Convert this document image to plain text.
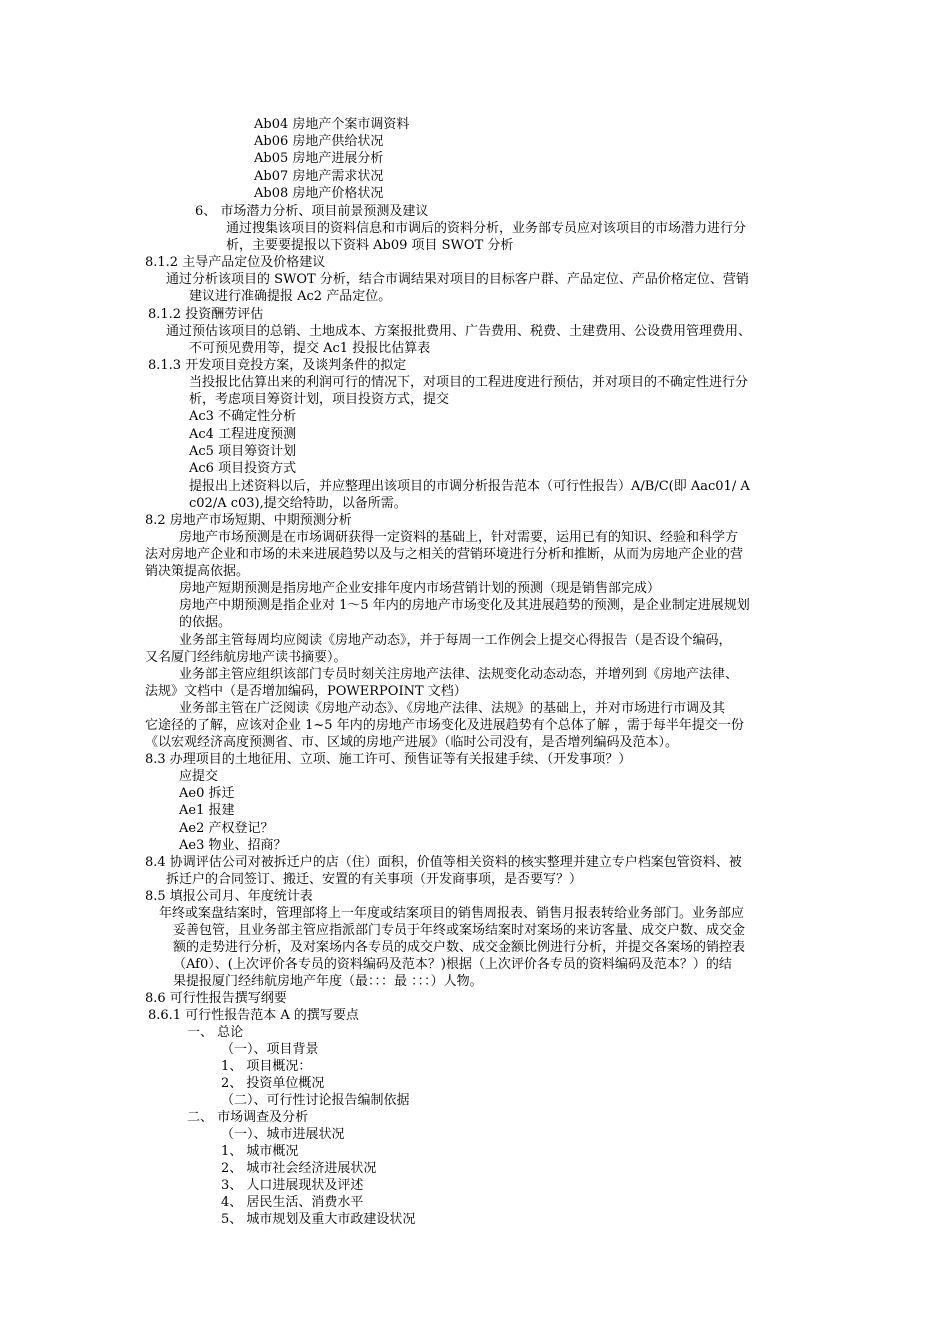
Ab04 房地产个案市调资料
Ab06 房地产供给状况
Ab05 房地产进展分析
Ab07 房地产需求状况
Ab08 房地产价格状况
6、 市场潜力分析、项目前景预测及建议
通过搜集该项目的资料信息和市调后的资料分析，业务部专员应对该项目的市场潜力进行分
析，主要要提报以下资料 Ab09 项目 SWOT 分析
8.1.2 主导产品定位及价格建议
通过分析该项目的 SWOT 分析，结合市调结果对项目的目标客户群、产品定位、产品价格定位、营销
建议进行准确提报 Ac2 产品定位。
8.1.2 投资酬劳评估
通过预估该项目的总销、土地成本、方案报批费用、广告费用、税费、土建费用、公设费用管理费用、
不可预见费用等，提交 Ac1 投报比估算表
8.1.3 开发项目竞投方案，及谈判条件的拟定
当投报比估算出来的利润可行的情况下，对项目的工程进度进行预估，并对项目的不确定性进行分
析，考虑项目筹资计划，项目投资方式，提交
Ac3 不确定性分析
Ac4 工程进度预测
Ac5 项目筹资计划
Ac6 项目投资方式
提报出上述资料以后，并应整理出该项目的市调分析报告范本（可行性报告）A/B/C(即 Aac01/ A
c02/A c03),提交给特助，以备所需。
8.2 房地产市场短期、中期预测分析
房地产市场预测是在市场调研获得一定资料的基础上，针对需要，运用已有的知识、经验和科学方
法对房地产企业和市场的未来进展趋势以及与之相关的营销环境进行分析和推断，从而为房地产企业的营
销决策提高依据。
房地产短期预测是指房地产企业安排年度内市场营销计划的预测（现是销售部完成）
房地产中期预测是指企业对 1～5 年内的房地产市场变化及其进展趋势的预测，是企业制定进展规划
的依据。
业务部主管每周均应阅读《房地产动态》，并于每周一工作例会上提交心得报告（是否设个编码，
又名厦门经纬航房地产读书摘要）。
业务部主管应组织该部门专员时刻关注房地产法律、法规变化动态动态，并增列到《房地产法律、
法规》文档中（是否增加编码，POWERPOINT 文档）
业务部主管在广泛阅读《房地产动态》、《房地产法律、法规》的基础上，并对市场进行市调及其
它途径的了解，应该对企业 1~5 年内的房地产市场变化及进展趋势有个总体了解 ，需于每半年提交一份
《以宏观经济高度预测省、市、区域的房地产进展》（临时公司没有，是否增列编码及范本）。
8.3 办理项目的土地征用、立项、施工许可、预售证等有关报建手续、（开发事项？）
应提交
Ae0 拆迁
Ae1 报建
Ae2 产权登记？
Ae3 物业、招商？
8.4 协调评估公司对被拆迁户的店（住）面积，价值等相关资料的核实整理并建立专户档案包管资料、被
拆迁户的合同签订、搬迁、安置的有关事项（开发商事项，是否要写？）
8.5 填报公司月、年度统计表
年终或案盘结案时，管理部将上一年度或结案项目的销售周报表、销售月报表转给业务部门。业务部应
妥善包管，且业务部主管应指派部门专员于年终或案场结案时对案场的来访客量、成交户数、成交金
额的走势进行分析，及对案场内各专员的成交户数、成交金额比例进行分析，并提交各案场的销控表
（Af0）、(上次评价各专员的资料编码及范本？)根据（上次评价各专员的资料编码及范本？）的结
果提报厦门经纬航房地产年度（最：：：最 ：：：）人物。
8.6 可行性报告撰写纲要
8.6.1 可行性报告范本 A 的撰写要点
一、 总论
（一）、项目背景
1、 项目概况：
2、 投资单位概况
（二）、可行性讨论报告编制依据
二、 市场调查及分析
（一）、城市进展状况
1、 城市概况
2、 城市社会经济进展状况
3、 人口进展现状及评述
4、 居民生活、消费水平
5、 城市规划及重大市政建设状况
